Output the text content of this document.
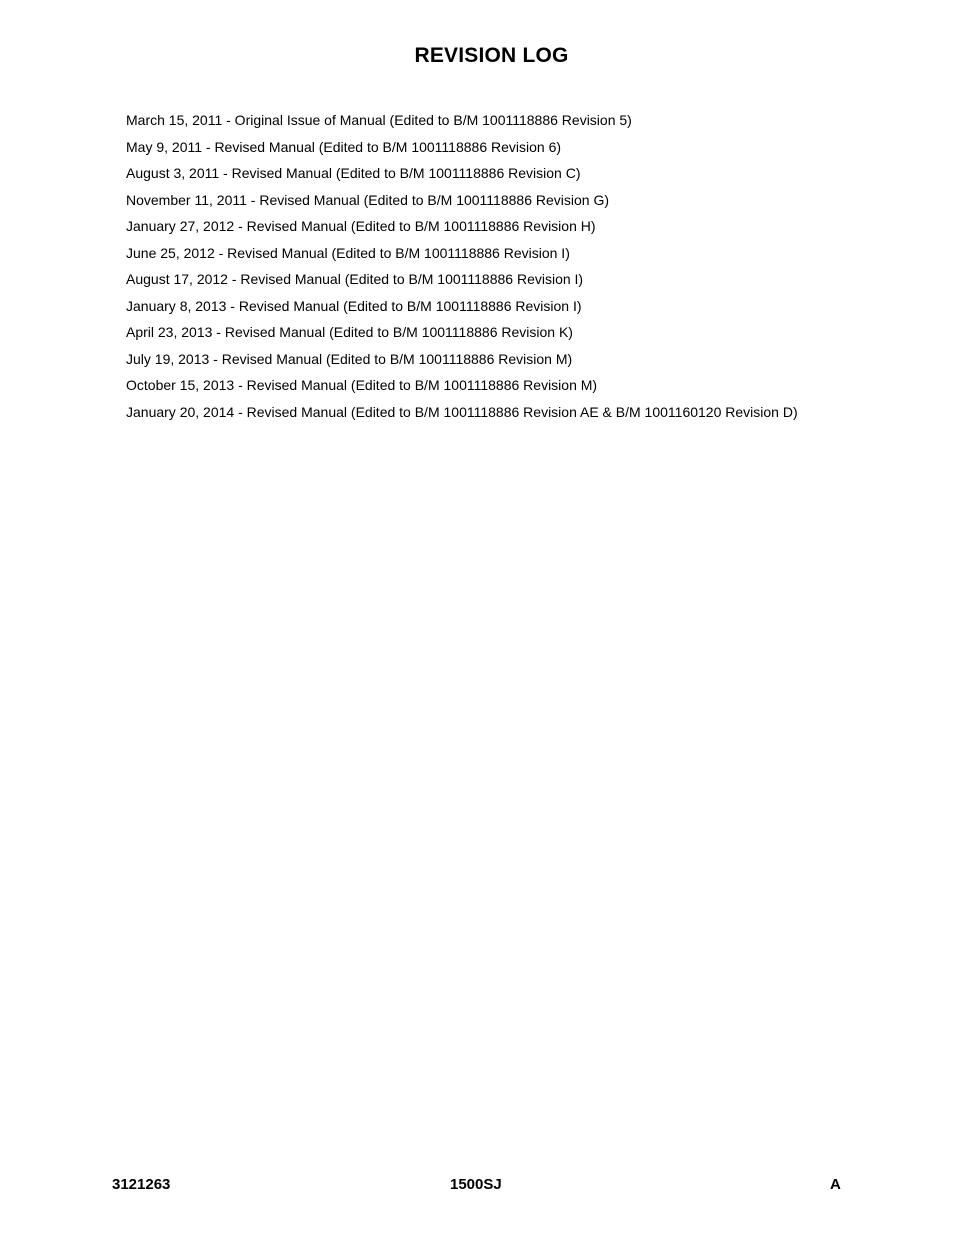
REVISION LOG
March 15, 2011 - Original Issue of Manual (Edited to B/M 1001118886 Revision 5)
May 9, 2011 - Revised Manual (Edited to B/M 1001118886 Revision 6)
August 3, 2011 - Revised Manual (Edited to B/M 1001118886 Revision C)
November 11, 2011 - Revised Manual (Edited to B/M 1001118886 Revision G)
January 27, 2012 - Revised Manual (Edited to B/M 1001118886 Revision H)
June 25, 2012 - Revised Manual (Edited to B/M 1001118886 Revision I)
August 17, 2012 - Revised Manual (Edited to B/M 1001118886 Revision I)
January 8, 2013 - Revised Manual (Edited to B/M 1001118886 Revision I)
April 23, 2013 - Revised Manual (Edited to B/M 1001118886 Revision K)
July 19, 2013 - Revised Manual (Edited to B/M 1001118886 Revision M)
October 15, 2013 - Revised Manual (Edited to B/M 1001118886 Revision M)
January 20, 2014 - Revised Manual (Edited to B/M 1001118886 Revision AE & B/M 1001160120 Revision D)
3121263	1500SJ	A
